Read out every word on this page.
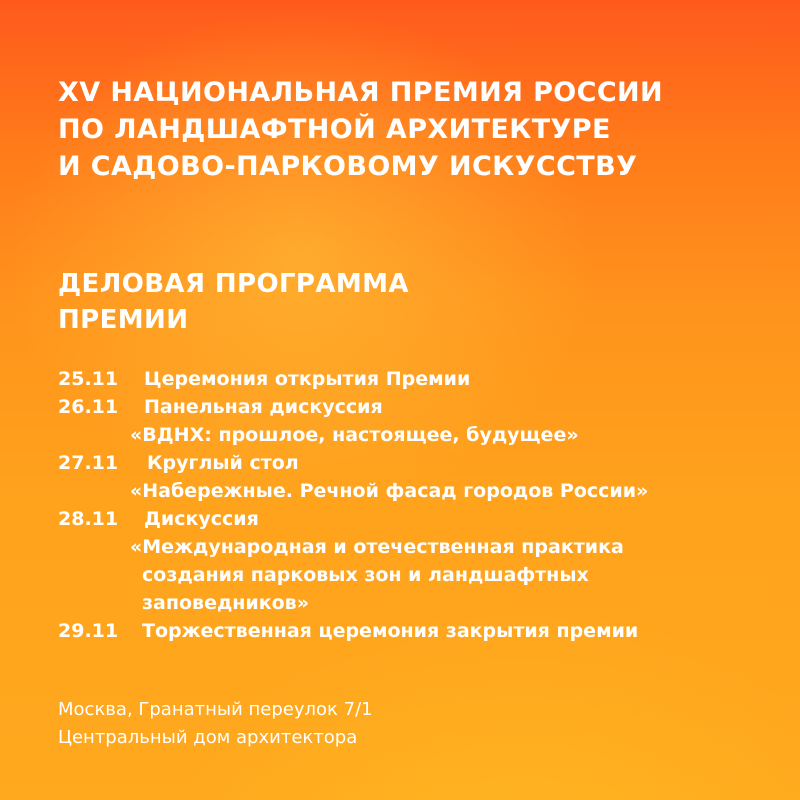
XV НАЦИОНАЛЬНАЯ ПРЕМИЯ РОССИИ
ПО ЛАНДШАФТНОЙ АРХИТЕКТУРЕ
И САДОВО-ПАРКОВОМУ ИСКУССТВУ
ДЕЛОВАЯ ПРОГРАММА
ПРЕМИИ
25.11 Церемония открытия Премии
26.11 Панельная дискуссия
«ВДНХ: прошлое, настоящее, будущее»
27.11 Круглый стол
«Набережные. Речной фасад городов России»
28.11 Дискуссия
«Международная и отечественная практика
создания парковых зон и ландшафтных
заповедников»
29.11 Торжественная церемония закрытия премии
Москва, Гранатный переулок 7/1
Центральный дом архитектора
